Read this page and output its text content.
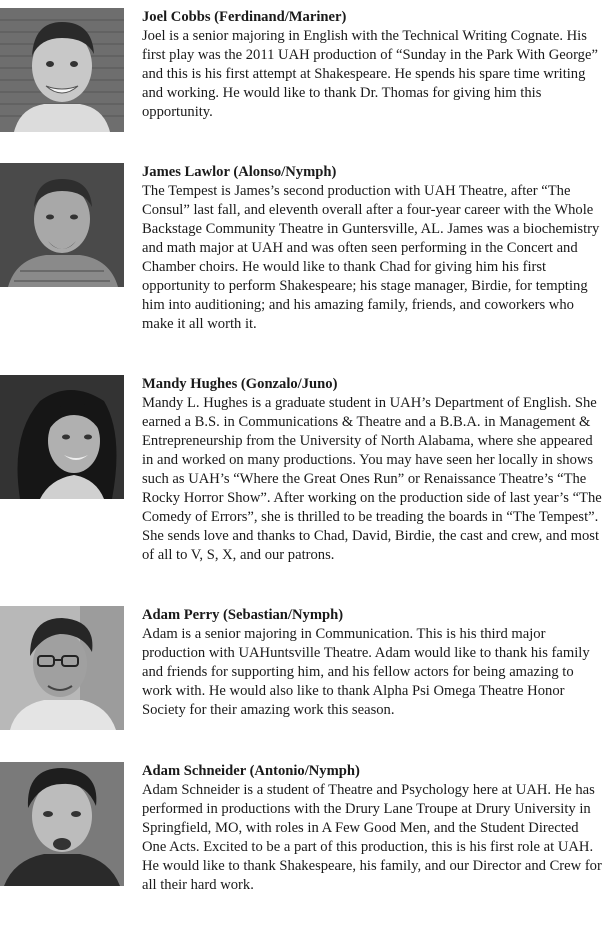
Joel Cobbs (Ferdinand/Mariner)
Joel is a senior majoring in English with the Technical Writing Cognate. His first play was the 2011 UAH production of “Sunday in the Park With George” and this is his first attempt at Shakespeare. He spends his spare time writing and working. He would like to thank Dr. Thomas for giving him this opportunity.
James Lawlor (Alonso/Nymph)
The Tempest is James’s second production with UAH Theatre, after “The Consul” last fall, and eleventh overall after a four-year career with the Whole Backstage Community Theatre in Guntersville, AL. James was a biochemistry and math major at UAH and was often seen performing in the Concert and Chamber choirs. He would like to thank Chad for giving him his first opportunity to perform Shakespeare; his stage manager, Birdie, for tempting him into auditioning; and his amazing family, friends, and coworkers who make it all worth it.
Mandy Hughes (Gonzalo/Juno)
Mandy L. Hughes is a graduate student in UAH’s Department of English. She earned a B.S. in Communications & Theatre and a B.B.A. in Management & Entrepreneurship from the University of North Alabama, where she appeared in and worked on many productions. You may have seen her locally in shows such as UAH’s “Where the Great Ones Run” or Renaissance Theatre’s “The Rocky Horror Show”. After working on the production side of last year’s “The Comedy of Errors”, she is thrilled to be treading the boards in “The Tempest”. She sends love and thanks to Chad, David, Birdie, the cast and crew, and most of all to V, S, X, and our patrons.
Adam Perry (Sebastian/Nymph)
Adam is a senior majoring in Communication. This is his third major production with UAHuntsville Theatre. Adam would like to thank his family and friends for supporting him, and his fellow actors for being amazing to work with. He would also like to thank Alpha Psi Omega Theatre Honor Society for their amazing work this season.
Adam Schneider (Antonio/Nymph)
Adam Schneider is a student of Theatre and Psychology here at UAH. He has performed in productions with the Drury Lane Troupe at Drury University in Springfield, MO, with roles in A Few Good Men, and the Student Directed One Acts. Excited to be a part of this production, this is his first role at UAH. He would like to thank Shakespeare, his family, and our Director and Crew for all their hard work.
